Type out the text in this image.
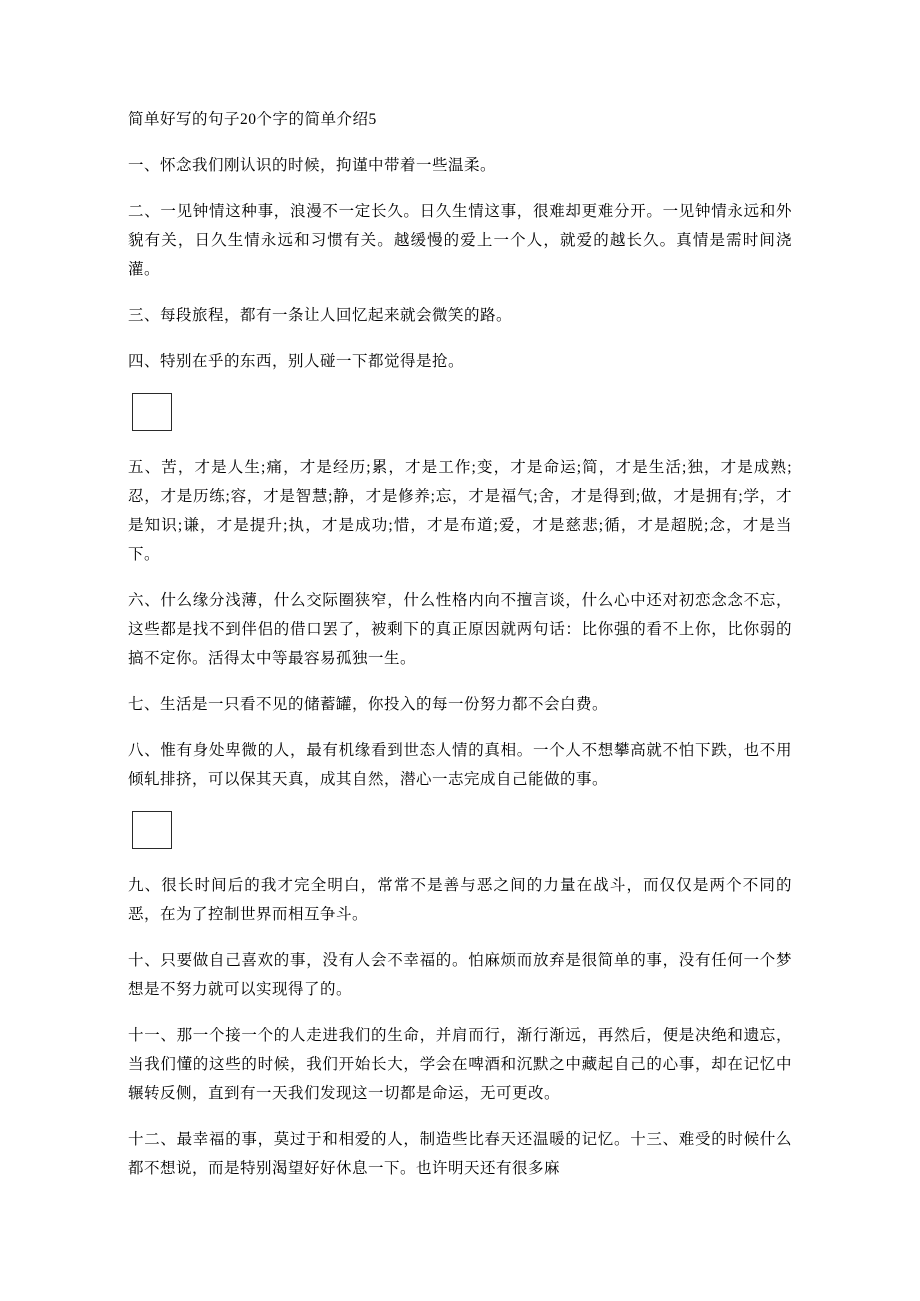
简单好写的句子20个字的简单介绍5

一、怀念我们刚认识的时候，拘谨中带着一些温柔。

二、一见钟情这种事，浪漫不一定长久。日久生情这事，很难却更难分开。一见钟情永远和外貌有关，日久生情永远和习惯有关。越缓慢的爱上一个人，就爱的越长久。真情是需时间浇灌。

三、每段旅程，都有一条让人回忆起来就会微笑的路。

四、特别在乎的东西，别人碰一下都觉得是抢。

五、苦，才是人生;痛，才是经历;累，才是工作;变，才是命运;简，才是生活;独，才是成熟;忍，才是历练;容，才是智慧;静，才是修养;忘，才是福气;舍，才是得到;做，才是拥有;学，才是知识;谦，才是提升;执，才是成功;惜，才是布道;爱，才是慈悲;循，才是超脱;念，才是当下。

六、什么缘分浅薄，什么交际圈狭窄，什么性格内向不擅言谈，什么心中还对初恋念念不忘，这些都是找不到伴侣的借口罢了，被剩下的真正原因就两句话：比你强的看不上你，比你弱的搞不定你。活得太中等最容易孤独一生。

七、生活是一只看不见的储蓄罐，你投入的每一份努力都不会白费。

八、惟有身处卑微的人，最有机缘看到世态人情的真相。一个人不想攀高就不怕下跌，也不用倾轧排挤，可以保其天真，成其自然，潜心一志完成自己能做的事。

九、很长时间后的我才完全明白，常常不是善与恶之间的力量在战斗，而仅仅是两个不同的恶，在为了控制世界而相互争斗。

十、只要做自己喜欢的事，没有人会不幸福的。怕麻烦而放弃是很简单的事，没有任何一个梦想是不努力就可以实现得了的。

十一、那一个接一个的人走进我们的生命，并肩而行，渐行渐远，再然后，便是决绝和遗忘，当我们懂的这些的时候，我们开始长大，学会在啤酒和沉默之中藏起自己的心事，却在记忆中辗转反侧，直到有一天我们发现这一切都是命运，无可更改。

十二、最幸福的事，莫过于和相爱的人，制造些比春天还温暖的记忆。十三、难受的时候什么都不想说，而是特别渴望好好休息一下。也许明天还有很多麻
